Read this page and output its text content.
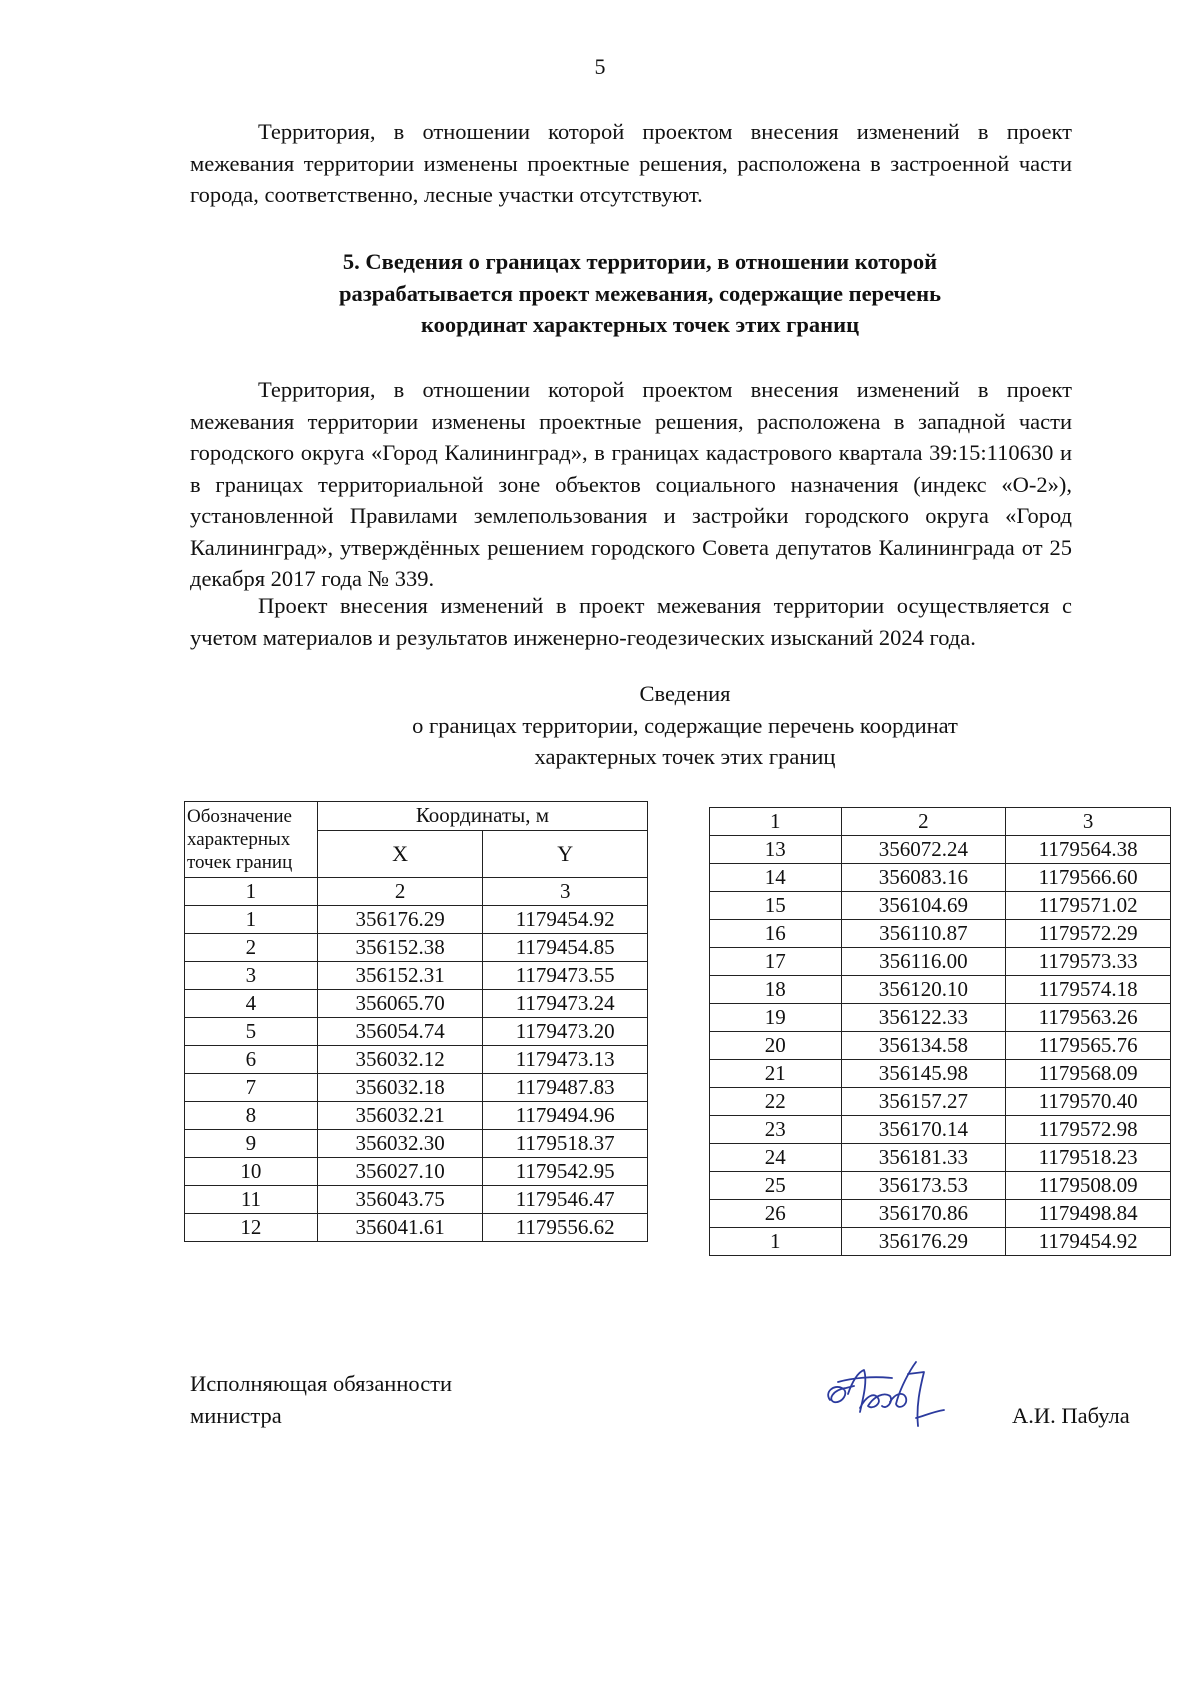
5

Территория, в отношении которой проектом внесения изменений в проект межевания территории изменены проектные решения, расположена в застроенной части города, соответственно, лесные участки отсутствуют.

5. Сведения о границах территории, в отношении которой
разрабатывается проект межевания, содержащие перечень
координат характерных точек этих границ

Территория, в отношении которой проектом внесения изменений в проект межевания территории изменены проектные решения, расположена в западной части городского округа «Город Калининград», в границах кадастрового квартала 39:15:110630 и в границах территориальной зоне объектов социального назначения (индекс «О-2»), установленной Правилами землепользования и застройки городского округа «Город Калининград», утверждённых решением городского Совета депутатов Калининграда от 25 декабря 2017 года № 339.

Проект внесения изменений в проект межевания территории осуществляется с учетом материалов и результатов инженерно-геодезических изысканий 2024 года.

Сведения
о границах территории, содержащие перечень координат
характерных точек этих границ
Обозначение характерных точек границ	Координаты, м	
	X	Y
1	2	3
1	356176.29	1179454.92
2	356152.38	1179454.85
3	356152.31	1179473.55
4	356065.70	1179473.24
5	356054.74	1179473.20
6	356032.12	1179473.13
7	356032.18	1179487.83
8	356032.21	1179494.96
9	356032.30	1179518.37
10	356027.10	1179542.95
11	356043.75	1179546.47
12	356041.61	1179556.62
1	2	3
13	356072.24	1179564.38
14	356083.16	1179566.60
15	356104.69	1179571.02
16	356110.87	1179572.29
17	356116.00	1179573.33
18	356120.10	1179574.18
19	356122.33	1179563.26
20	356134.58	1179565.76
21	356145.98	1179568.09
22	356157.27	1179570.40
23	356170.14	1179572.98
24	356181.33	1179518.23
25	356173.53	1179508.09
26	356170.86	1179498.84
1	356176.29	1179454.92
Исполняющая обязанности
министра	А.И. Пабула
